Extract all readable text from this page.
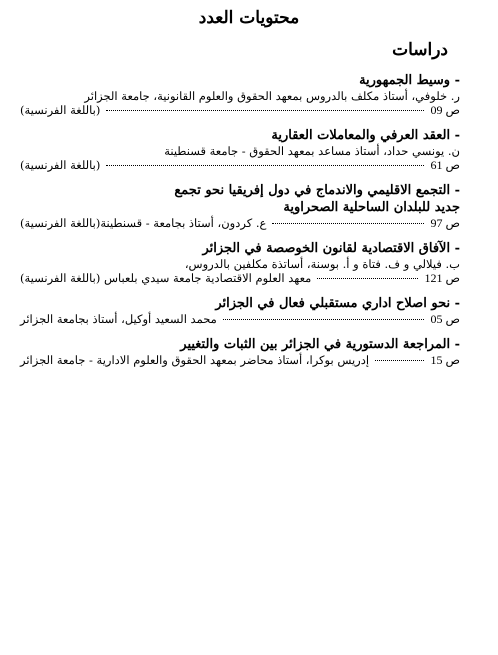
محتويات العدد
دراسات
- وسيط الجمهورية
ر. خلوفي، أستاذ مكلف بالدروس بمعهد الحقوق والعلوم القانونية، جامعة الجزائر
(باللغة الفرنسية)	ص 09
- العقد العرفي والمعاملات العقارية
ن. يونسي حداد، أستاذ مساعد بمعهد الحقوق - جامعة قسنطينة
(باللغة الفرنسية)	ص 61
- التجمع الاقليمي والاندماج في دول إفريقيا نحو تجمع
جديد للبلدان الساحلية الصحراوية
ع. كردون، أستاذ بجامعة - قسنطينة(باللغة الفرنسية)	ص 97
- الآفاق الاقتصادية لقانون الخوصصة في الجزائر
ب. فيلالي و ف. فتاة و أ. بوسنة، أساتذة مكلفين بالدروس،
معهد العلوم الاقتصادية جامعة سيدي بلعباس (باللغة الفرنسية)	ص 121
- نحو اصلاح اداري مستقبلي فعال في الجزائر
محمد السعيد أوكيل، أستاذ بجامعة الجزائر	ص 05
- المراجعة الدستورية في الجزائر بين الثبات والتغيير
إدريس بوكرا، أستاذ محاضر بمعهد الحقوق والعلوم الادارية - جامعة الجزائر	ص 15
